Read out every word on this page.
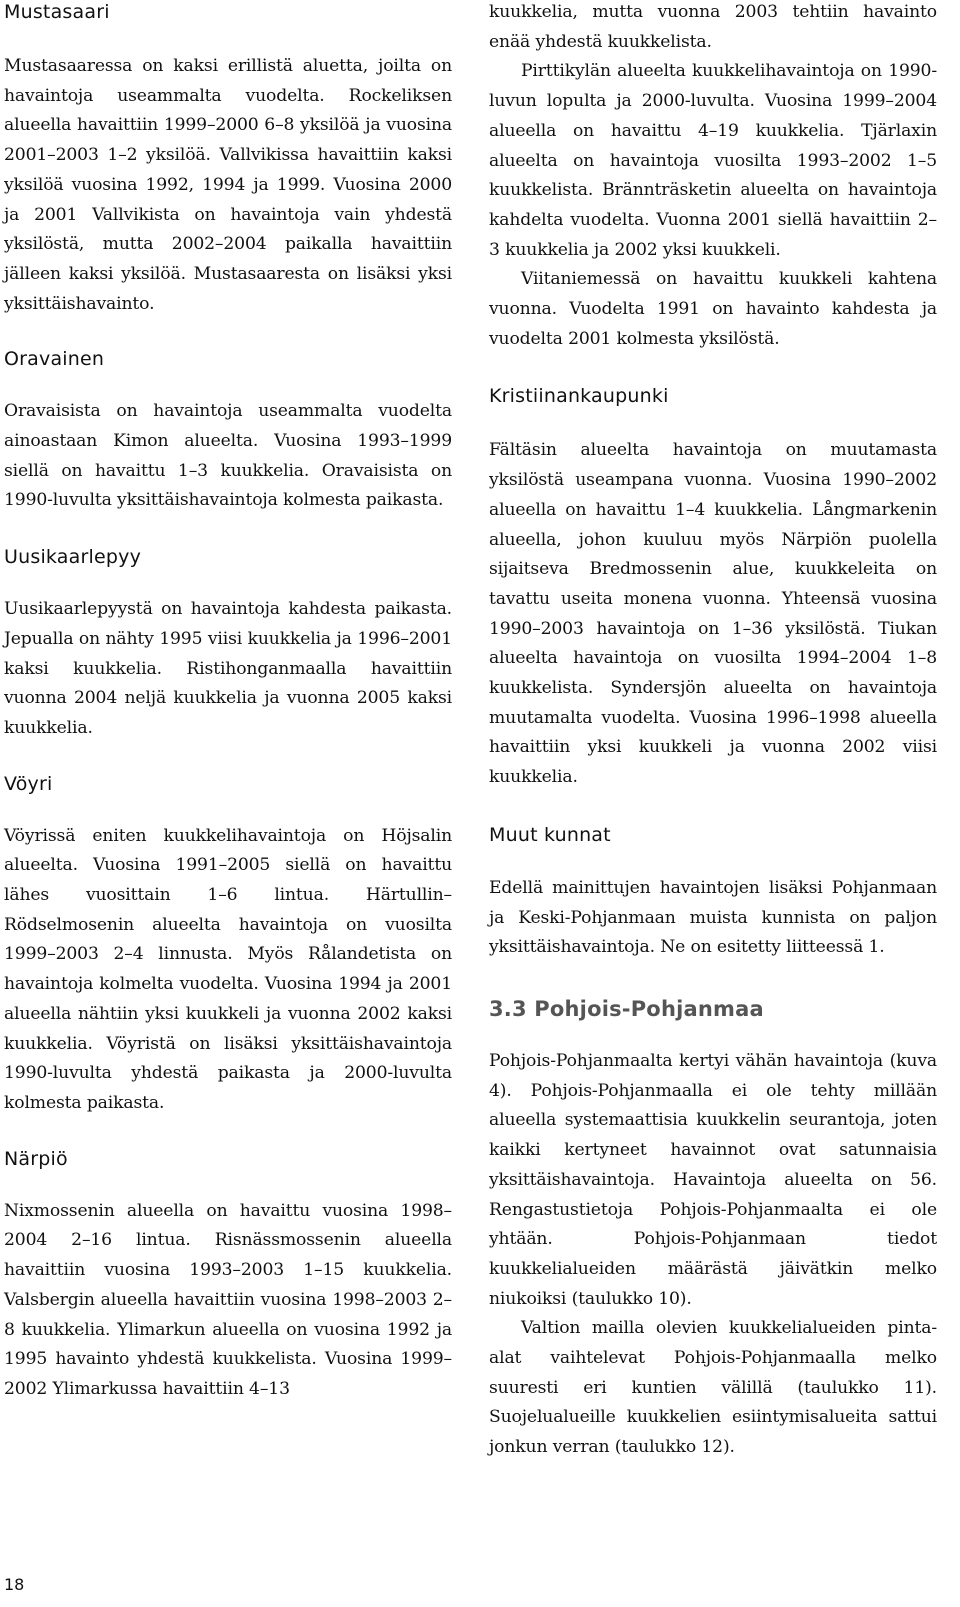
Mustasaari

Mustasaaressa on kaksi erillistä aluetta, joilta on havaintoja useammalta vuodelta. Rockeliksen alueella havaittiin 1999–2000 6–8 yksilöä ja vuosina 2001–2003 1–2 yksilöä. Vallvikissa havaittiin kaksi yksilöä vuosina 1992, 1994 ja 1999. Vuosina 2000 ja 2001 Vallvikista on havaintoja vain yhdestä yksilöstä, mutta 2002–2004 paikalla havaittiin jälleen kaksi yksilöä. Mustasaaresta on lisäksi yksi yksittäishavainto.

Oravainen

Oravaisista on havaintoja useammalta vuodelta ainoastaan Kimon alueelta. Vuosina 1993–1999 siellä on havaittu 1–3 kuukkelia. Oravaisista on 1990-luvulta yksittäishavaintoja kolmesta paikasta.

Uusikaarlepyy

Uusikaarlepyystä on havaintoja kahdesta paikasta. Jepualla on nähty 1995 viisi kuukkelia ja 1996–2001 kaksi kuukkelia. Ristihonganmaalla havaittiin vuonna 2004 neljä kuukkelia ja vuonna 2005 kaksi kuukkelia.

Vöyri

Vöyrissä eniten kuukkelihavaintoja on Höjsalin alueelta. Vuosina 1991–2005 siellä on havaittu lähes vuosittain 1–6 lintua. Härtullin–Rödselmosenin alueelta havaintoja on vuosilta 1999–2003 2–4 linnusta. Myös Rålandetista on havaintoja kolmelta vuodelta. Vuosina 1994 ja 2001 alueella nähtiin yksi kuukkeli ja vuonna 2002 kaksi kuukkelia. Vöyristä on lisäksi yksittäishavaintoja 1990-luvulta yhdestä paikasta ja 2000-luvulta kolmesta paikasta.

Närpiö

Nixmossenin alueella on havaittu vuosina 1998–2004 2–16 lintua. Risnässmossenin alueella havaittiin vuosina 1993–2003 1–15 kuukkelia. Valsbergin alueella havaittiin vuosina 1998–2003 2–8 kuukkelia. Ylimarkun alueella on vuosina 1992 ja 1995 havainto yhdestä kuukkelista. Vuosina 1999–2002 Ylimarkussa havaittiin 4–13

kuukkelia, mutta vuonna 2003 tehtiin havainto enää yhdestä kuukkelista.

Pirttikylän alueelta kuukkelihavaintoja on 1990-luvun lopulta ja 2000-luvulta. Vuosina 1999–2004 alueella on havaittu 4–19 kuukkelia. Tjärlaxin alueelta on havaintoja vuosilta 1993–2002 1–5 kuukkelista. Brännträsketin alueelta on havaintoja kahdelta vuodelta. Vuonna 2001 siellä havaittiin 2–3 kuukkelia ja 2002 yksi kuukkeli.

Viitaniemessä on havaittu kuukkeli kahtena vuonna. Vuodelta 1991 on havainto kahdesta ja vuodelta 2001 kolmesta yksilöstä.

Kristiinankaupunki

Fältäsin alueelta havaintoja on muutamasta yksilöstä useampana vuonna. Vuosina 1990–2002 alueella on havaittu 1–4 kuukkelia. Långmarkenin alueella, johon kuuluu myös Närpiön puolella sijaitseva Bredmossenin alue, kuukkeleita on tavattu useita monena vuonna. Yhteensä vuosina 1990–2003 havaintoja on 1–36 yksilöstä. Tiukan alueelta havaintoja on vuosilta 1994–2004 1–8 kuukkelista. Syndersjön alueelta on havaintoja muutamalta vuodelta. Vuosina 1996–1998 alueella havaittiin yksi kuukkeli ja vuonna 2002 viisi kuukkelia.

Muut kunnat

Edellä mainittujen havaintojen lisäksi Pohjanmaan ja Keski-Pohjanmaan muista kunnista on paljon yksittäishavaintoja. Ne on esitetty liitteessä 1.

3.3 Pohjois-Pohjanmaa

Pohjois-Pohjanmaalta kertyi vähän havaintoja (kuva 4). Pohjois-Pohjanmaalla ei ole tehty millään alueella systemaattisia kuukkelin seurantoja, joten kaikki kertyneet havainnot ovat satunnaisia yksittäishavaintoja. Havaintoja alueelta on 56. Rengastustietoja Pohjois-Pohjanmaalta ei ole yhtään. Pohjois-Pohjanmaan tiedot kuukkelialueiden määrästä jäivätkin melko niukoiksi (taulukko 10).

Valtion mailla olevien kuukkelialueiden pinta-alat vaihtelevat Pohjois-Pohjanmaalla melko suuresti eri kuntien välillä (taulukko 11). Suojelualueille kuukkelien esiintymisalueita sattui jonkun verran (taulukko 12).

18
